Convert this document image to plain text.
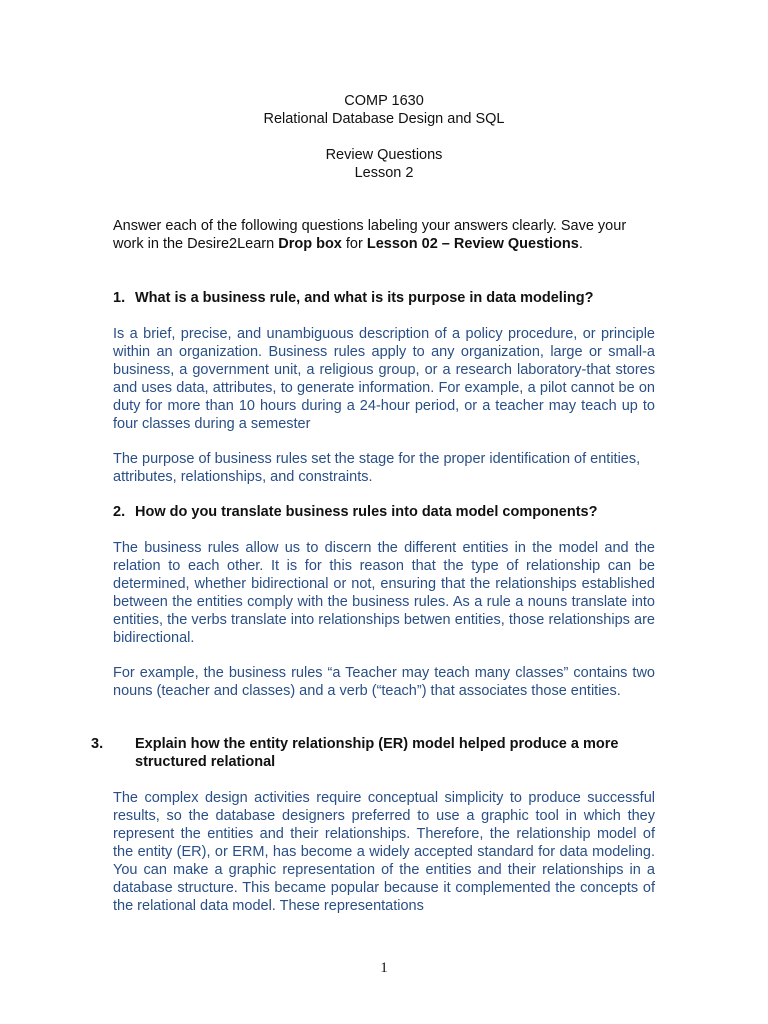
COMP 1630
Relational Database Design and SQL
Review Questions
Lesson 2
Answer each of the following questions labeling your answers clearly. Save your work in the Desire2Learn Drop box for Lesson 02 – Review Questions.
1. What is a business rule, and what is its purpose in data modeling?
Is a brief, precise, and unambiguous description of a policy procedure, or principle within an organization. Business rules apply to any organization, large or small-a business, a government unit, a religious group, or a research laboratory-that stores and uses data, attributes, to generate information. For example, a pilot cannot be on duty for more than 10 hours during a 24-hour period, or a teacher may teach up to four classes during a semester
The purpose of business rules set the stage for the proper identification of entities, attributes, relationships, and constraints.
2. How do you translate business rules into data model components?
The business rules allow us to discern the different entities in the model and the relation to each other. It is for this reason that the type of relationship can be determined, whether bidirectional or not, ensuring that the relationships established between the entities comply with the business rules. As a rule a nouns translate into entities, the verbs translate into relationships betwen entities, those relationships are bidirectional.
For example, the business rules “a Teacher may teach many classes” contains two nouns (teacher and classes) and a verb (“teach”) that associates those entities.
3. Explain how the entity relationship (ER) model helped produce a more structured relational
The complex design activities require conceptual simplicity to produce successful results, so the database designers preferred to use a graphic tool in which they represent the entities and their relationships. Therefore, the relationship model of the entity (ER), or ERM, has become a widely accepted standard for data modeling. You can make a graphic representation of the entities and their relationships in a database structure. This became popular because it complemented the concepts of the relational data model. These representations
1
